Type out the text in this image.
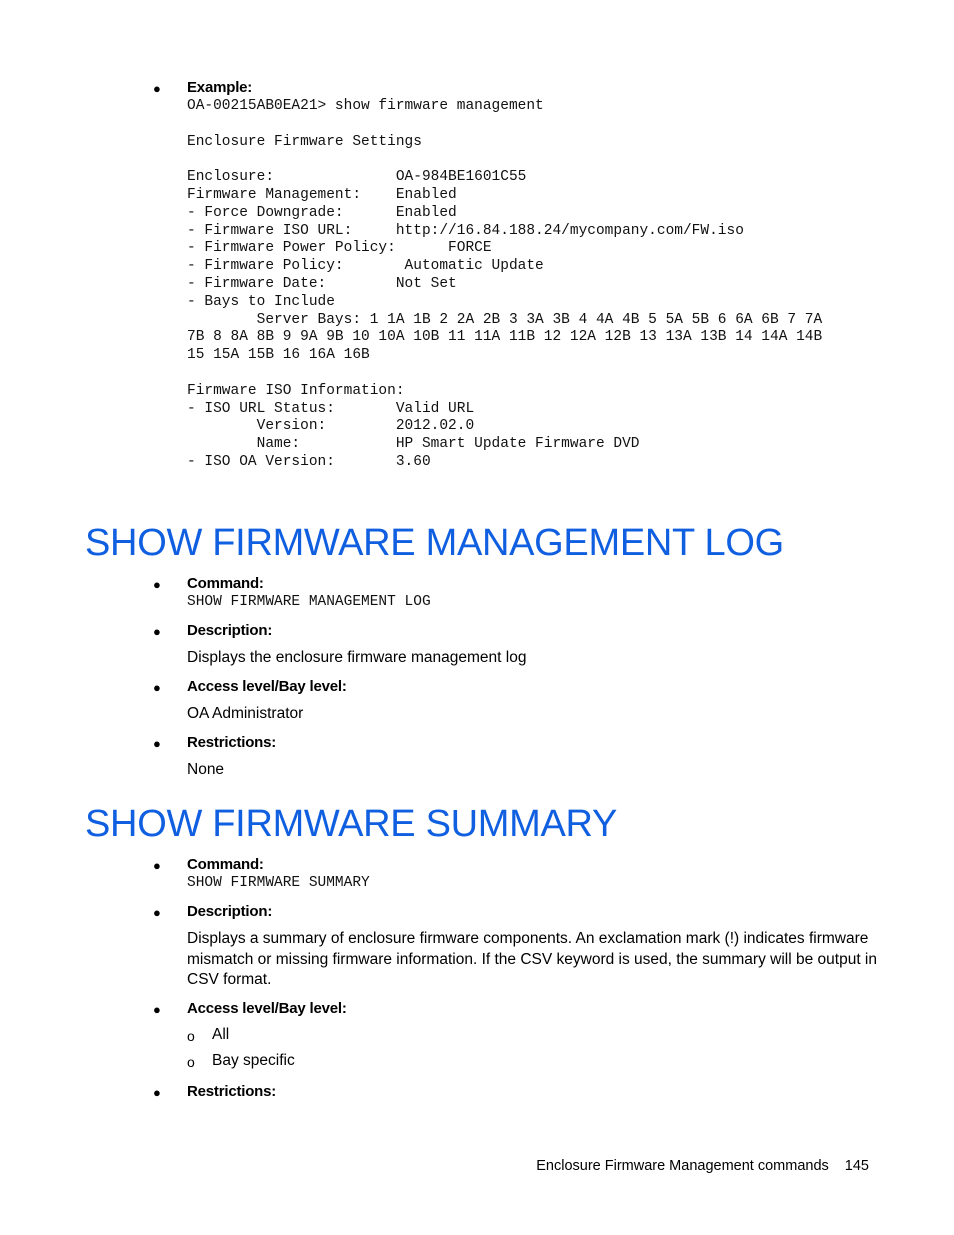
● Example:
OA-00215AB0EA21> show firmware management

Enclosure Firmware Settings

Enclosure:              OA-984BE1601C55
Firmware Management:    Enabled
- Force Downgrade:      Enabled
- Firmware ISO URL:     http://16.84.188.24/mycompany.com/FW.iso
- Firmware Power Policy:      FORCE
- Firmware Policy:       Automatic Update
- Firmware Date:        Not Set
- Bays to Include
Server Bays: 1 1A 1B 2 2A 2B 3 3A 3B 4 4A 4B 5 5A 5B 6 6A 6B 7 7A
7B 8 8A 8B 9 9A 9B 10 10A 10B 11 11A 11B 12 12A 12B 13 13A 13B 14 14A 14B
15 15A 15B 16 16A 16B

Firmware ISO Information:
- ISO URL Status:       Valid URL
Version:        2012.02.0
Name:           HP Smart Update Firmware DVD
- ISO OA Version:       3.60
SHOW FIRMWARE MANAGEMENT LOG
● Command:
SHOW FIRMWARE MANAGEMENT LOG
● Description:
Displays the enclosure firmware management log
● Access level/Bay level:
OA Administrator
● Restrictions:
None
SHOW FIRMWARE SUMMARY
● Command:
SHOW FIRMWARE SUMMARY
● Description:
Displays a summary of enclosure firmware components. An exclamation mark (!) indicates firmware mismatch or missing firmware information. If the CSV keyword is used, the summary will be output in CSV format.
● Access level/Bay level:
o All
o Bay specific
● Restrictions:
Enclosure Firmware Management commands 145
